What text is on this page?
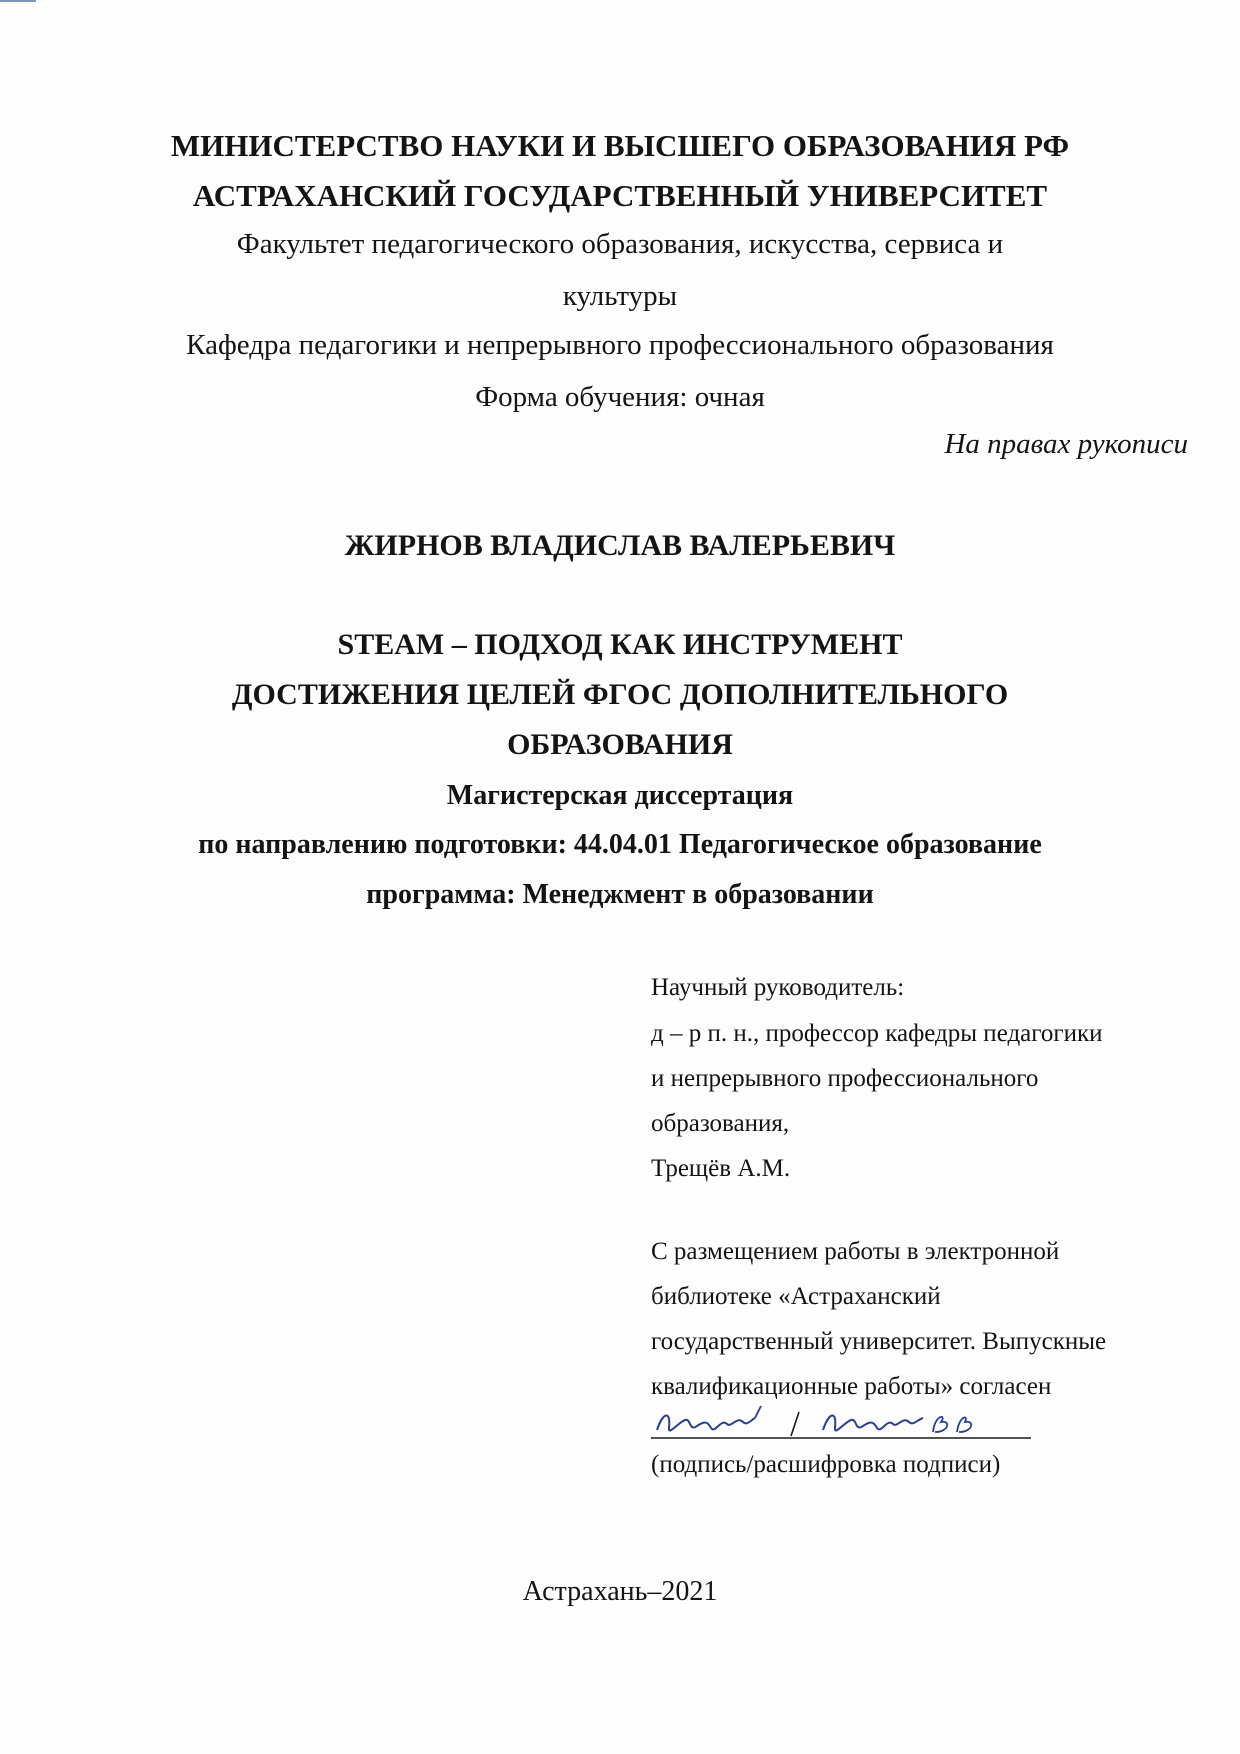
МИНИСТЕРСТВО НАУКИ И ВЫСШЕГО ОБРАЗОВАНИЯ РФ
АСТРАХАНСКИЙ ГОСУДАРСТВЕННЫЙ УНИВЕРСИТЕТ
Факультет педагогического образования, искусства, сервиса и
культуры
Кафедра педагогики и непрерывного профессионального образования
Форма обучения: очная
На правах рукописи
ЖИРНОВ ВЛАДИСЛАВ ВАЛЕРЬЕВИЧ
STEAM – ПОДХОД КАК ИНСТРУМЕНТ
ДОСТИЖЕНИЯ ЦЕЛЕЙ ФГОС ДОПОЛНИТЕЛЬНОГО
ОБРАЗОВАНИЯ
Магистерская диссертация
по направлению подготовки: 44.04.01 Педагогическое образование
программа: Менеджмент в образовании
Научный руководитель:
д – р п. н., профессор кафедры педагогики
и непрерывного профессионального
образования,
Трещёв А.М.
С размещением работы в электронной
библиотеке «Астраханский
государственный университет. Выпускные
квалификационные работы» согласен
(подпись/расшифровка подписи)
Астрахань–2021
